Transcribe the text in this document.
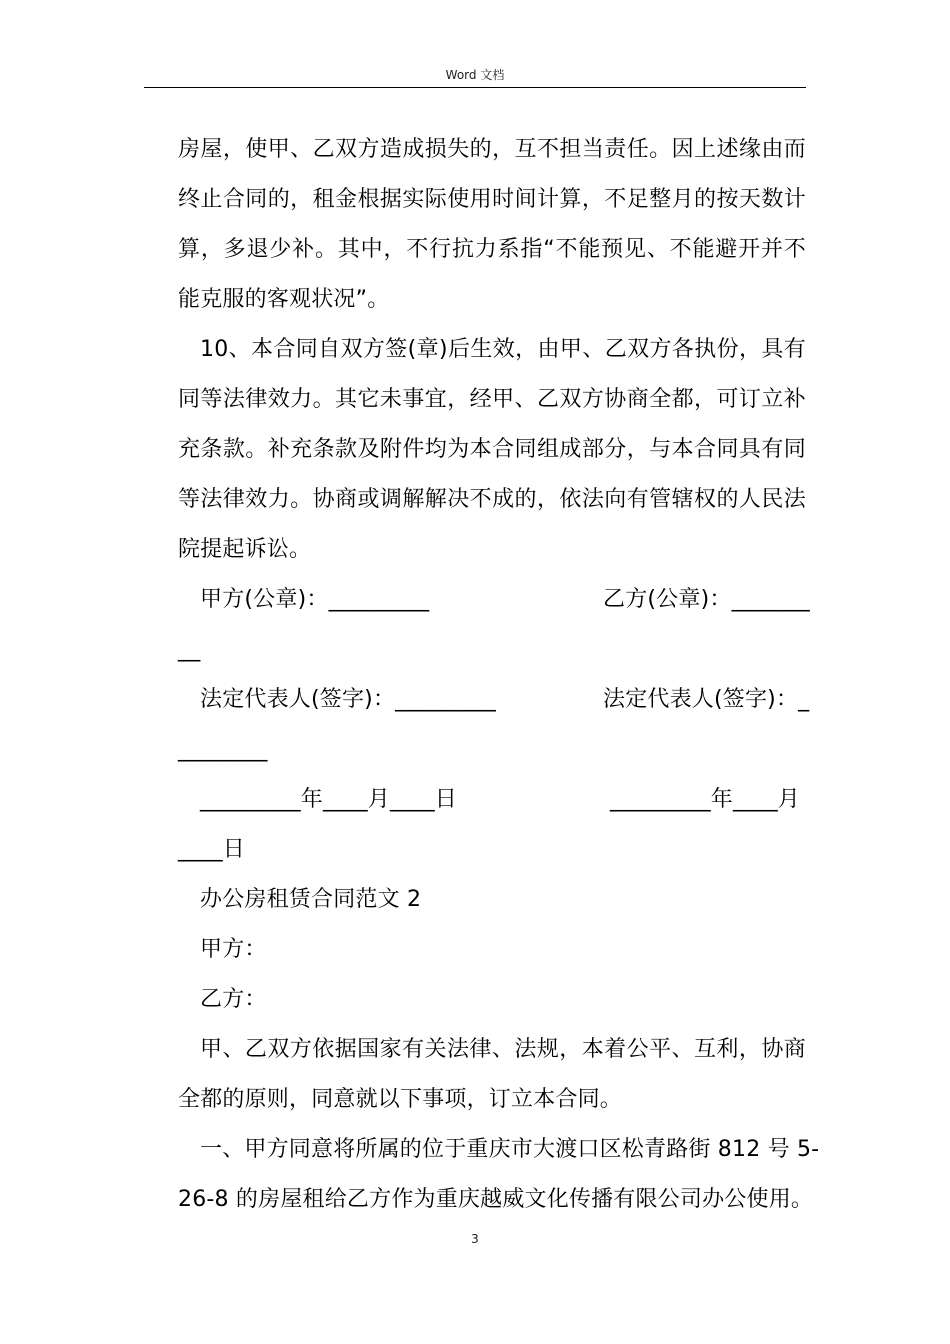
Word 文档
房屋，使甲、乙双方造成损失的，互不担当责任。因上述缘由而
终止合同的，租金根据实际使用时间计算，不足整月的按天数计
算，多退少补。其中，不行抗力系指“不能预见、不能避开并不
能克服的客观状况”。
10、本合同自双方签(章)后生效，由甲、乙双方各执份，具有
同等法律效力。其它未事宜，经甲、乙双方协商全都，可订立补
充条款。补充条款及附件均为本合同组成部分，与本合同具有同
等法律效力。协商或调解解决不成的，依法向有管辖权的人民法
院提起诉讼。
甲方(公章)：_________	乙方(公章)：_______
__
法定代表人(签字)：_________	法定代表人(签字)：_
________
_________年____月____日	_________年____月
____日
办公房租赁合同范文 2
甲方：
乙方：
甲、乙双方依据国家有关法律、法规，本着公平、互利，协商
全都的原则，同意就以下事项，订立本合同。
一、甲方同意将所属的位于重庆市大渡口区松青路街 812 号 5-
26-8 的房屋租给乙方作为重庆越威文化传播有限公司办公使用。
3
